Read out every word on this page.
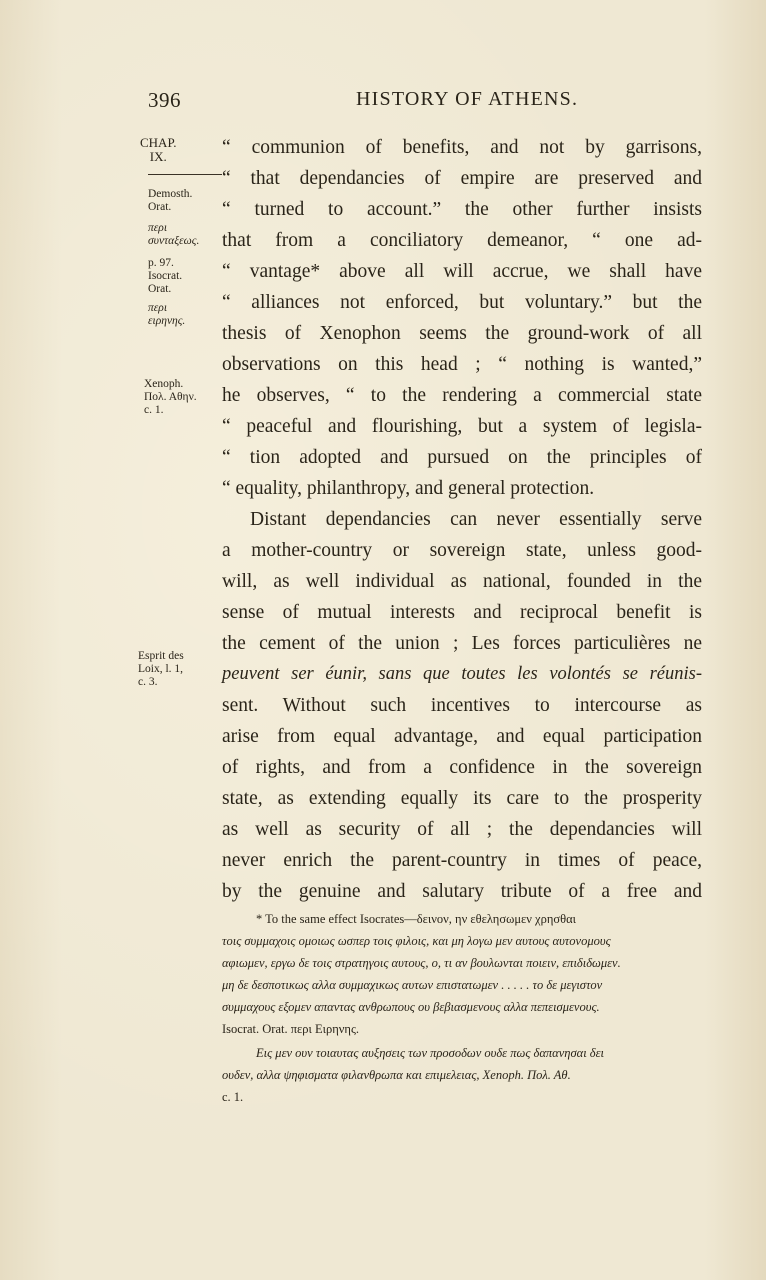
396	HISTORY OF ATHENS.
CHAP.
IX.
Demosth.
Orat.
περι
συνταξεως.
p. 97.
Isocrat.
Orat.
περι
ειρηνης.
Xenoph.
Πολ. Αθην.
c. 1.
Esprit des
Loix, l. 1,
c. 3.
“ communion of benefits, and not by garrisons,
“ that dependancies of empire are preserved and
“ turned to account.” the other further insists
that from a conciliatory demeanor, “ one ad-
“ vantage* above all will accrue, we shall have
“ alliances not enforced, but voluntary.” but the
thesis of Xenophon seems the ground-work of all
observations on this head ; “ nothing is wanted,”
he observes, “ to the rendering a commercial state
“ peaceful and flourishing, but a system of legisla-
“ tion adopted and pursued on the principles of
“ equality, philanthropy, and general protection.
Distant dependancies can never essentially serve
a mother-country or sovereign state, unless good-
will, as well individual as national, founded in the
sense of mutual interests and reciprocal benefit is
the cement of the union ; Les forces particulières ne
peuvent ser éunir, sans que toutes les volontés se réunis-
sent. Without such incentives to intercourse as
arise from equal advantage, and equal participation
of rights, and from a confidence in the sovereign
state, as extending equally its care to the prosperity
as well as security of all ; the dependancies will
never enrich the parent-country in times of peace,
by the genuine and salutary tribute of a free and
* To the same effect Isocrates—δεινον, ην εθελησωμεν χρησθαι
τοις συμμαχοις ομοιως ωσπερ τοις φιλοις, και μη λογω μεν αυτους αυτονομους
αφιωμεν, εργω δε τοις στρατηγοις αυτους, ο, τι αν βουλωνται ποιειν, επιδιδωμεν.
μη δε δεσποτικως αλλα συμμαχικως αυτων επιστατωμεν . . . . . το δε μεγιστον
συμμαχους εξομεν απαντας ανθρωπους ου βεβιασμενους αλλα πεπεισμενους.
Isocrat. Orat. περι Ειρηνης.
Εις μεν ουν τοιαυτας αυξησεις των προσοδων ουδε πως δαπανησαι δει
ουδεν, αλλα ψηφισματα φιλανθρωπα και επιμελειας, Xenoph. Πολ. Αθ.
c. 1.
